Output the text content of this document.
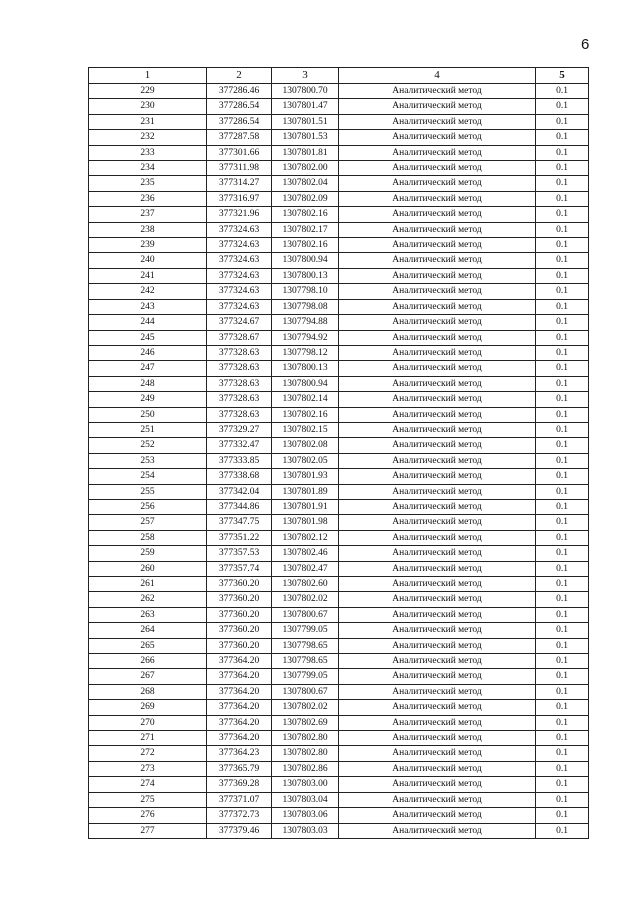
6
1	2	3	4	5
229	377286.46	1307800.70	Аналитический метод	0.1
230	377286.54	1307801.47	Аналитический метод	0.1
231	377286.54	1307801.51	Аналитический метод	0.1
232	377287.58	1307801.53	Аналитический метод	0.1
233	377301.66	1307801.81	Аналитический метод	0.1
234	377311.98	1307802.00	Аналитический метод	0.1
235	377314.27	1307802.04	Аналитический метод	0.1
236	377316.97	1307802.09	Аналитический метод	0.1
237	377321.96	1307802.16	Аналитический метод	0.1
238	377324.63	1307802.17	Аналитический метод	0.1
239	377324.63	1307802.16	Аналитический метод	0.1
240	377324.63	1307800.94	Аналитический метод	0.1
241	377324.63	1307800.13	Аналитический метод	0.1
242	377324.63	1307798.10	Аналитический метод	0.1
243	377324.63	1307798.08	Аналитический метод	0.1
244	377324.67	1307794.88	Аналитический метод	0.1
245	377328.67	1307794.92	Аналитический метод	0.1
246	377328.63	1307798.12	Аналитический метод	0.1
247	377328.63	1307800.13	Аналитический метод	0.1
248	377328.63	1307800.94	Аналитический метод	0.1
249	377328.63	1307802.14	Аналитический метод	0.1
250	377328.63	1307802.16	Аналитический метод	0.1
251	377329.27	1307802.15	Аналитический метод	0.1
252	377332.47	1307802.08	Аналитический метод	0.1
253	377333.85	1307802.05	Аналитический метод	0.1
254	377338.68	1307801.93	Аналитический метод	0.1
255	377342.04	1307801.89	Аналитический метод	0.1
256	377344.86	1307801.91	Аналитический метод	0.1
257	377347.75	1307801.98	Аналитический метод	0.1
258	377351.22	1307802.12	Аналитический метод	0.1
259	377357.53	1307802.46	Аналитический метод	0.1
260	377357.74	1307802.47	Аналитический метод	0.1
261	377360.20	1307802.60	Аналитический метод	0.1
262	377360.20	1307802.02	Аналитический метод	0.1
263	377360.20	1307800.67	Аналитический метод	0.1
264	377360.20	1307799.05	Аналитический метод	0.1
265	377360.20	1307798.65	Аналитический метод	0.1
266	377364.20	1307798.65	Аналитический метод	0.1
267	377364.20	1307799.05	Аналитический метод	0.1
268	377364.20	1307800.67	Аналитический метод	0.1
269	377364.20	1307802.02	Аналитический метод	0.1
270	377364.20	1307802.69	Аналитический метод	0.1
271	377364.20	1307802.80	Аналитический метод	0.1
272	377364.23	1307802.80	Аналитический метод	0.1
273	377365.79	1307802.86	Аналитический метод	0.1
274	377369.28	1307803.00	Аналитический метод	0.1
275	377371.07	1307803.04	Аналитический метод	0.1
276	377372.73	1307803.06	Аналитический метод	0.1
277	377379.46	1307803.03	Аналитический метод	0.1
